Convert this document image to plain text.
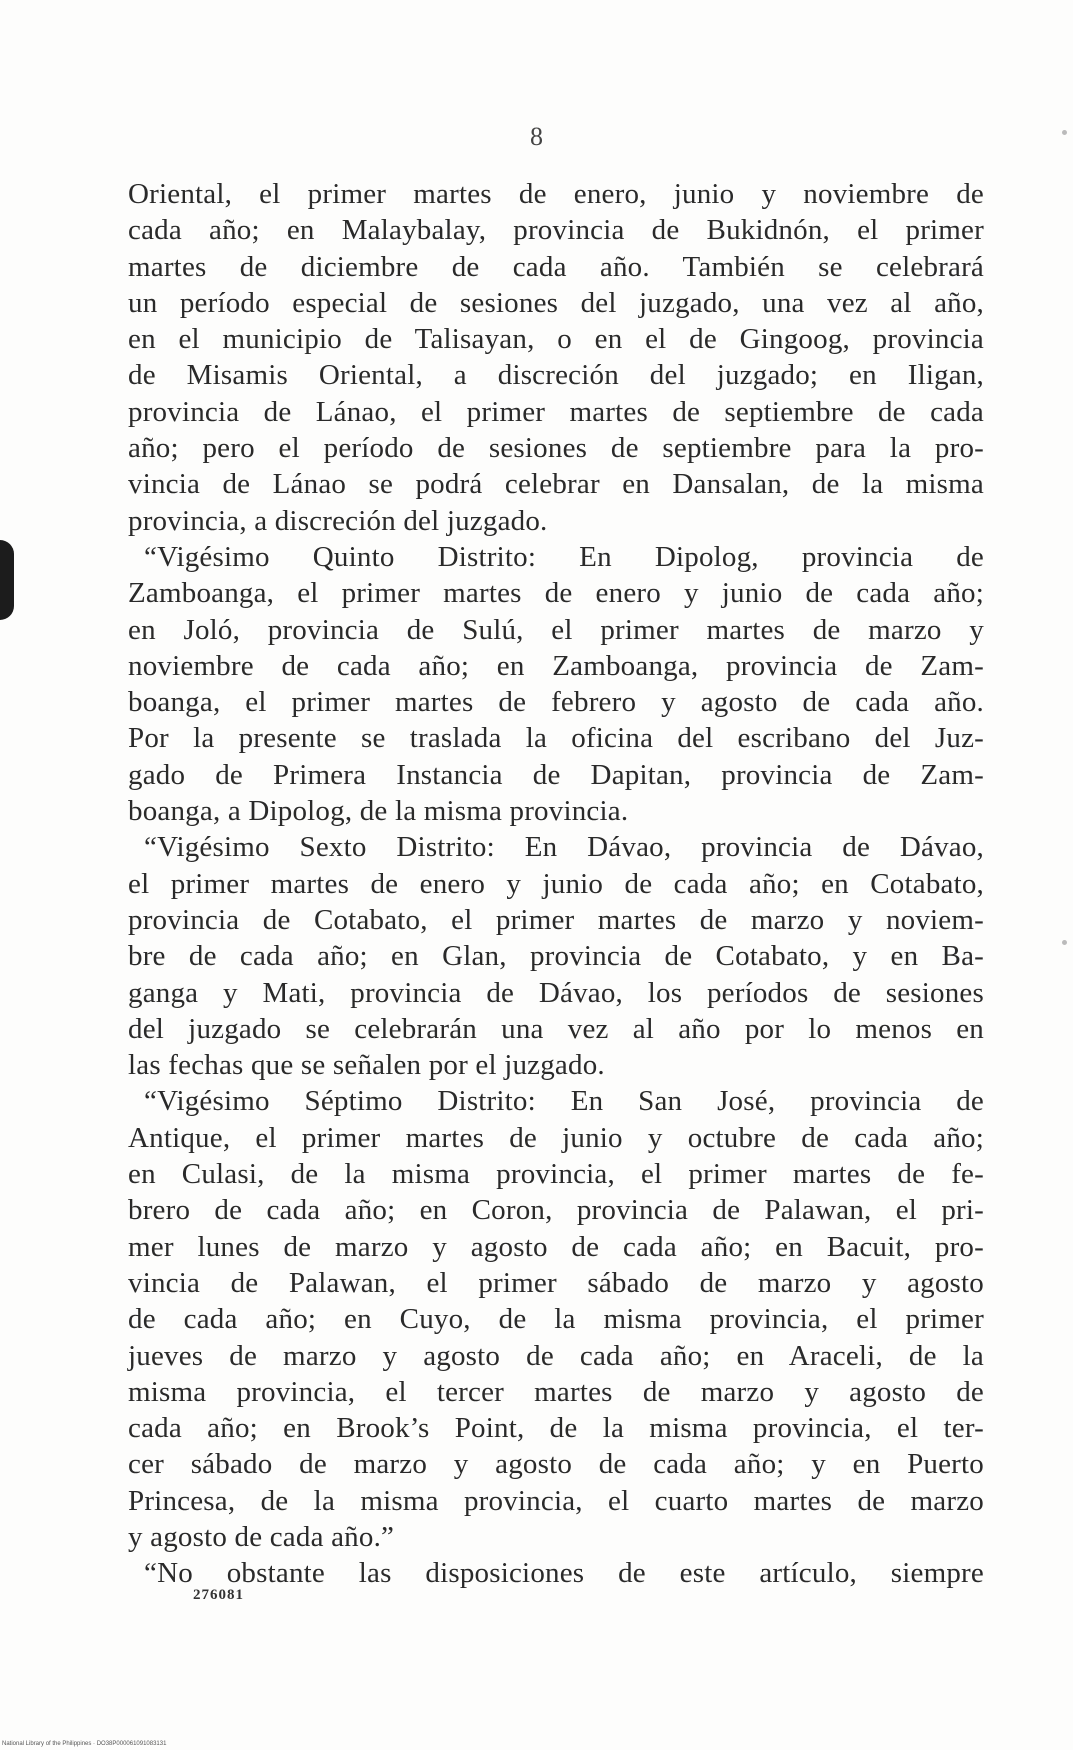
8
Oriental, el primer martes de enero, junio y noviembre de
cada año; en Malaybalay, provincia de Bukidnón, el primer
martes de diciembre de cada año. También se celebrará
un período especial de sesiones del juzgado, una vez al año,
en el municipio de Talisayan, o en el de Gingoog, provincia
de Misamis Oriental, a discreción del juzgado; en Iligan,
provincia de Lánao, el primer martes de septiembre de cada
año; pero el período de sesiones de septiembre para la pro-
vincia de Lánao se podrá celebrar en Dansalan, de la misma
provincia, a discreción del juzgado.
“Vigésimo Quinto Distrito: En Dipolog, provincia de
Zamboanga, el primer martes de enero y junio de cada año;
en Joló, provincia de Sulú, el primer martes de marzo y
noviembre de cada año; en Zamboanga, provincia de Zam-
boanga, el primer martes de febrero y agosto de cada año.
Por la presente se traslada la oficina del escribano del Juz-
gado de Primera Instancia de Dapitan, provincia de Zam-
boanga, a Dipolog, de la misma provincia.
“Vigésimo Sexto Distrito: En Dávao, provincia de Dávao,
el primer martes de enero y junio de cada año; en Cotabato,
provincia de Cotabato, el primer martes de marzo y noviem-
bre de cada año; en Glan, provincia de Cotabato, y en Ba-
ganga y Mati, provincia de Dávao, los períodos de sesiones
del juzgado se celebrarán una vez al año por lo menos en
las fechas que se señalen por el juzgado.
“Vigésimo Séptimo Distrito: En San José, provincia de
Antique, el primer martes de junio y octubre de cada año;
en Culasi, de la misma provincia, el primer martes de fe-
brero de cada año; en Coron, provincia de Palawan, el pri-
mer lunes de marzo y agosto de cada año; en Bacuit, pro-
vincia de Palawan, el primer sábado de marzo y agosto
de cada año; en Cuyo, de la misma provincia, el primer
jueves de marzo y agosto de cada año; en Araceli, de la
misma provincia, el tercer martes de marzo y agosto de
cada año; en Brook’s Point, de la misma provincia, el ter-
cer sábado de marzo y agosto de cada año; y en Puerto
Princesa, de la misma provincia, el cuarto martes de marzo
y agosto de cada año.”
“No obstante las disposiciones de este artículo, siempre
276081
National Library of the Philippines · DO38P000061091083131
